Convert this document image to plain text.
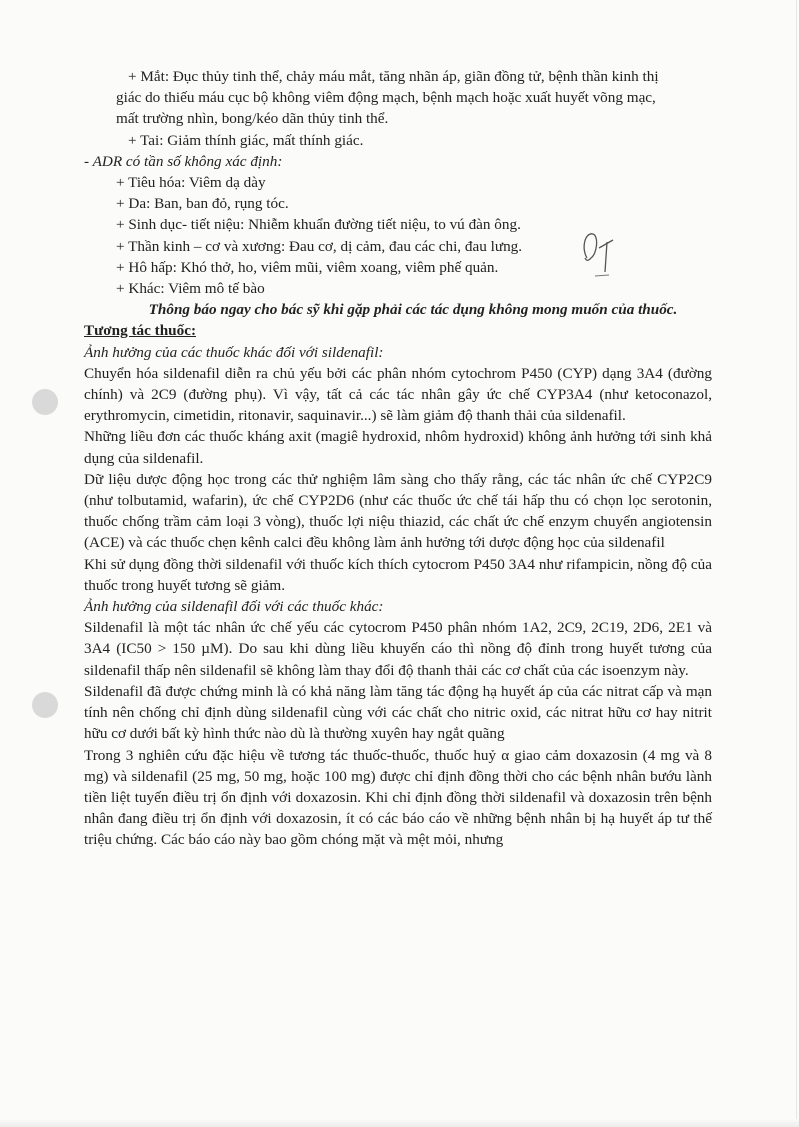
+ Mắt: Đục thủy tinh thể, chảy máu mắt, tăng nhãn áp, giãn đồng tử, bệnh thần kinh thị
giác do thiếu máu cục bộ không viêm động mạch, bệnh mạch hoặc xuất huyết võng mạc,
mất trường nhìn, bong/kéo dãn thủy tinh thể.
+ Tai: Giảm thính giác, mất thính giác.
- ADR có tần số không xác định:
+ Tiêu hóa: Viêm dạ dày
+ Da: Ban, ban đỏ, rụng tóc.
+ Sinh dục- tiết niệu: Nhiễm khuẩn đường tiết niệu, to vú đàn ông.
+ Thần kinh – cơ và xương: Đau cơ, dị cảm, đau các chi, đau lưng.
+ Hô hấp: Khó thở, ho, viêm mũi, viêm xoang, viêm phế quản.
+ Khác: Viêm mô tế bào
Thông báo ngay cho bác sỹ khi gặp phải các tác dụng không mong muốn của thuốc.
Tương tác thuốc:
Ảnh hưởng của các thuốc khác đối với sildenafil:
Chuyển hóa sildenafil diễn ra chủ yếu bởi các phân nhóm cytochrom P450 (CYP) dạng 3A4 (đường chính) và 2C9 (đường phụ). Vì vậy, tất cả các tác nhân gây ức chế CYP3A4 (như ketoconazol, erythromycin, cimetidin, ritonavir, saquinavir...) sẽ làm giảm độ thanh thải của sildenafil.
Những liều đơn các thuốc kháng axit (magiê hydroxid, nhôm hydroxid) không ảnh hưởng tới sinh khả dụng của sildenafil.
Dữ liệu dược động học trong các thử nghiệm lâm sàng cho thấy rằng, các tác nhân ức chế CYP2C9 (như tolbutamid, wafarin), ức chế CYP2D6 (như các thuốc ức chế tái hấp thu có chọn lọc serotonin, thuốc chống trầm cảm loại 3 vòng), thuốc lợi niệu thiazid, các chất ức chế enzym chuyển angiotensin (ACE) và các thuốc chẹn kênh calci đều không làm ảnh hưởng tới dược động học của sildenafil
Khi sử dụng đồng thời sildenafil với thuốc kích thích cytocrom P450 3A4 như rifampicin, nồng độ của thuốc trong huyết tương sẽ giảm.
Ảnh hưởng của sildenafil đối với các thuốc khác:
Sildenafil là một tác nhân ức chế yếu các cytocrom P450 phân nhóm 1A2, 2C9, 2C19, 2D6, 2E1 và 3A4 (IC50 > 150 µM). Do sau khi dùng liều khuyến cáo thì nồng độ đỉnh trong huyết tương của sildenafil thấp nên sildenafil sẽ không làm thay đổi độ thanh thải các cơ chất của các isoenzym này.
Sildenafil đã được chứng minh là có khả năng làm tăng tác động hạ huyết áp của các nitrat cấp và mạn tính nên chống chỉ định dùng sildenafil cùng với các chất cho nitric oxid, các nitrat hữu cơ hay nitrit hữu cơ dưới bất kỳ hình thức nào dù là thường xuyên hay ngắt quãng
Trong 3 nghiên cứu đặc hiệu về tương tác thuốc-thuốc, thuốc huỷ α giao cảm doxazosin (4 mg và 8 mg) và sildenafil (25 mg, 50 mg, hoặc 100 mg) được chỉ định đồng thời cho các bệnh nhân bướu lành tiền liệt tuyến điều trị ổn định với doxazosin. Khi chỉ định đồng thời sildenafil và doxazosin trên bệnh nhân đang điều trị ổn định với doxazosin, ít có các báo cáo về những bệnh nhân bị hạ huyết áp tư thế triệu chứng. Các báo cáo này bao gồm chóng mặt và mệt mỏi, nhưng
